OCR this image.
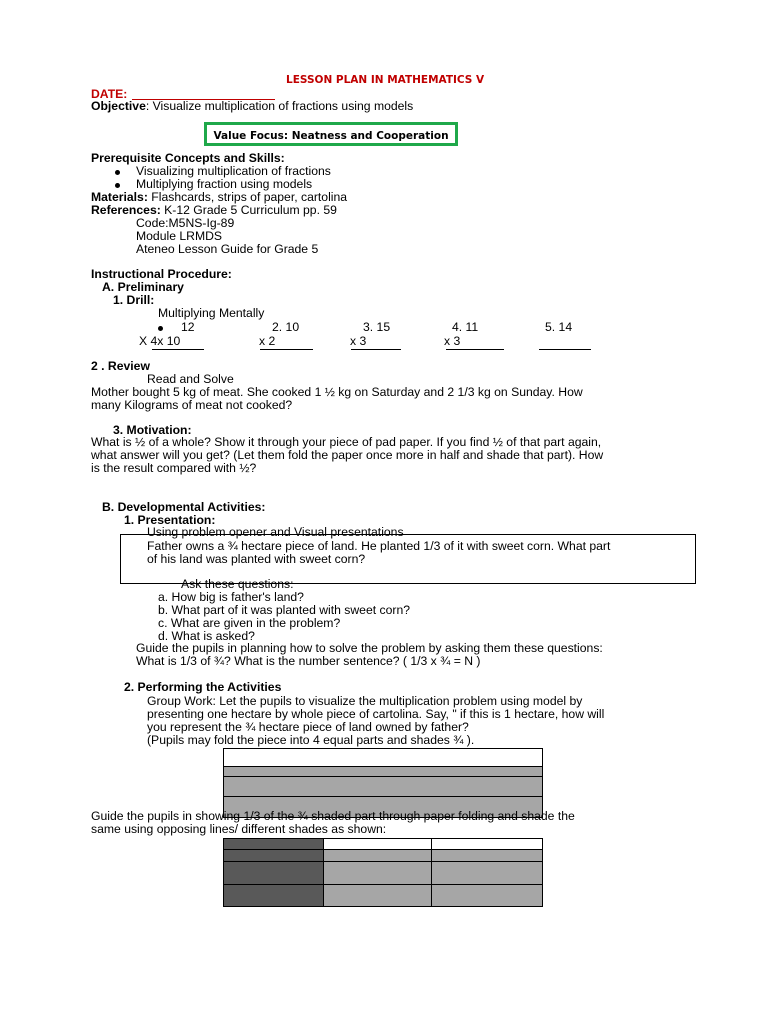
LESSON PLAN IN MATHEMATICS V
DATE:
Objective: Visualize multiplication of fractions using models
Value Focus: Neatness and Cooperation
Prerequisite Concepts and Skills:
Visualizing multiplication of fractions
Multiplying fraction using models
Materials: Flashcards, strips of paper, cartolina
References: K-12 Grade 5 Curriculum pp. 59
Code:M5NS-Ig-89
Module LRMDS
Ateneo Lesson Guide for Grade 5
Instructional Procedure:
A. Preliminary
1. Drill:
Multiplying Mentally
12	2. 10	3. 15	4. 11	5. 14
X 4x 10	x 2	x 3	x 3
2 . Review
Read and Solve
Mother bought 5 kg of meat. She cooked 1 ½ kg on Saturday and 2 1/3 kg on Sunday. How
many Kilograms of meat not cooked?
3. Motivation:
What is ½ of a whole? Show it through your piece of pad paper. If you find ½ of that part again,
what answer will you get? (Let them fold the paper once more in half and shade that part). How
is the result compared with ½?
B. Developmental Activities:
1. Presentation:
Using problem opener and Visual presentations
Father owns a ¾ hectare piece of land. He planted 1/3 of it with sweet corn. What part
of his land was planted with sweet corn?
Ask these questions:
a. How big is father's land?
b. What part of it was planted with sweet corn?
c. What are given in the problem?
d. What is asked?
Guide the pupils in planning how to solve the problem by asking them these questions:
What is 1/3 of ¾? What is the number sentence? ( 1/3 x ¾ = N )
2. Performing the Activities
Group Work: Let the pupils to visualize the multiplication problem using model by
presenting one hectare by whole piece of cartolina. Say, " if this is 1 hectare, how will
you represent the ¾ hectare piece of land owned by father?
(Pupils may fold the piece into 4 equal parts and shades ¾ ).
Guide the pupils in showing 1/3 of the ¾ shaded part through paper folding and shade the
same using opposing lines/ different shades as shown:
